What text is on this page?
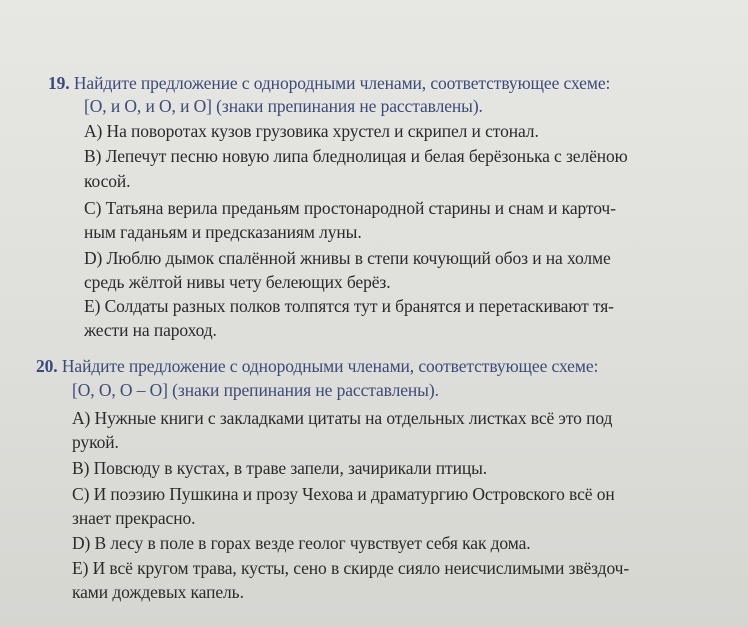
19. Найдите предложение с однородными членами, соответствующее схеме:
[О, и О, и О, и О] (знаки препинания не расставлены).
А) На поворотах кузов грузовика хрустел и скрипел и стонал.
В) Лепечут песню новую липа бледнолицая и белая берёзонька с зелёною
косой.
С) Татьяна верила преданьям простонародной старины и снам и карточ-
ным гаданьям и предсказаниям луны.
D) Люблю дымок спалённой жнивы в степи кочующий обоз и на холме
средь жёлтой нивы чету белеющих берёз.
Е) Солдаты разных полков толпятся тут и бранятся и перетаскивают тя-
жести на пароход.
20. Найдите предложение с однородными членами, соответствующее схеме:
[О, О, О – О] (знаки препинания не расставлены).
А) Нужные книги с закладками цитаты на отдельных листках всё это под
рукой.
В) Повсюду в кустах, в траве запели, зачирикали птицы.
С) И поэзию Пушкина и прозу Чехова и драматургию Островского всё он
знает прекрасно.
D) В лесу в поле в горах везде геолог чувствует себя как дома.
Е) И всё кругом трава, кусты, сено в скирде сияло неисчислимыми звёздоч-
ками дождевых капель.
